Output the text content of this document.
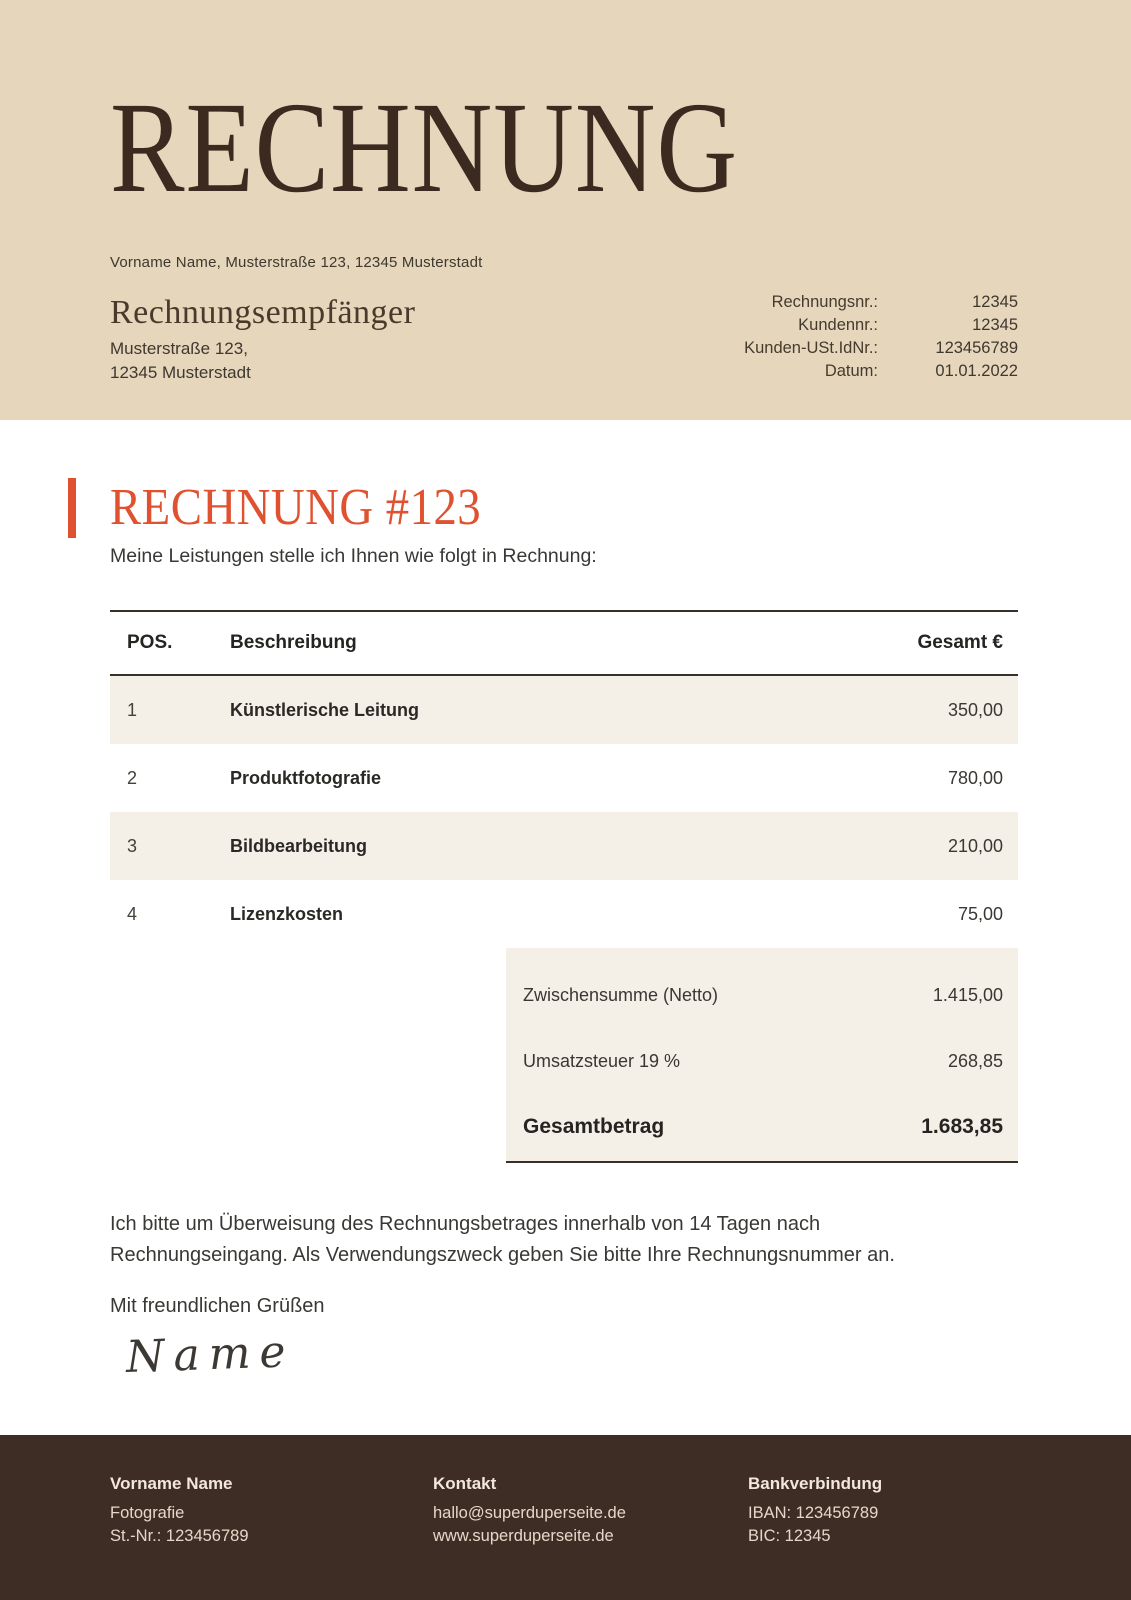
RECHNUNG
Vorname Name, Musterstraße 123, 12345 Musterstadt
Rechnungsempfänger
Musterstraße 123,
12345 Musterstadt
Rechnungsnr.:	12345
Kundennr.:	12345
Kunden-USt.IdNr.:	123456789
Datum:	01.01.2022
RECHNUNG #123

Meine Leistungen stelle ich Ihnen wie folgt in Rechnung:

POS.	Beschreibung	Gesamt €
1	Künstlerische Leitung	350,00
2	Produktfotografie	780,00
3	Bildbearbeitung	210,00
4	Lizenzkosten	75,00
Zwischensumme (Netto)	1.415,00
Umsatzsteuer 19 %	268,85
Gesamtbetrag	1.683,85

Ich bitte um Überweisung des Rechnungsbetrages innerhalb von 14 Tagen nach Rechnungseingang. Als Verwendungszweck geben Sie bitte Ihre Rechnungsnummer an.

Mit freundlichen Grüßen

Name
Vorname Name
Fotografie
St.-Nr.: 123456789
Kontakt
hallo@superduperseite.de
www.superduperseite.de
Bankverbindung
IBAN: 123456789
BIC: 12345
